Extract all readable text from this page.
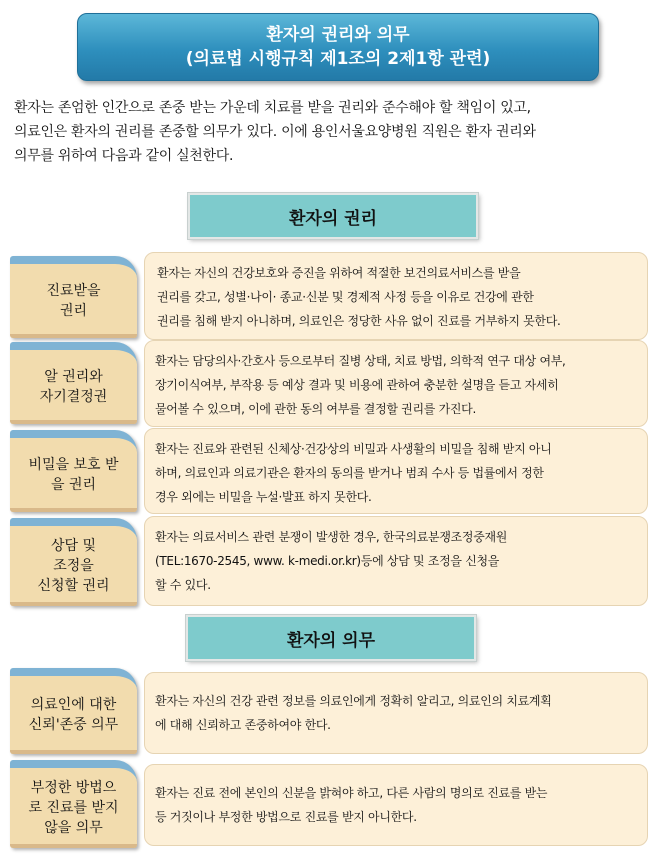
환자의 권리와 의무
(의료법 시행규칙 제1조의 2제1항 관련)
환자는 존엄한 인간으로 존중 받는 가운데 치료를 받을 권리와 준수해야 할 책임이 있고,
의료인은 환자의 권리를 존중할 의무가 있다. 이에 용인서울요양병원 직원은 환자 권리와
의무를 위하여 다음과 같이 실천한다.
환자의 권리
진료받을
권리
환자는 자신의 건강보호와 증진을 위하여 적절한 보건의료서비스를 받을
권리를 갖고, 성별·나이· 종교·신분 및 경제적 사정 등을 이유로 건강에 관한
권리를 침해 받지 아니하며, 의료인은 정당한 사유 없이 진료를 거부하지 못한다.
알 권리와
자기결정권
환자는 담당의사·간호사 등으로부터 질병 상태, 치료 방법, 의학적 연구 대상 여부,
장기이식여부, 부작용 등 예상 결과 및 비용에 관하여 충분한 설명을 듣고 자세히
물어볼 수 있으며, 이에 관한 동의 여부를 결정할 권리를 가진다.
비밀을 보호 받
을 권리
환자는 진료와 관련된 신체상·건강상의 비밀과 사생활의 비밀을 침해 받지 아니
하며, 의료인과 의료기관은 환자의 동의를 받거나 범죄 수사 등 법률에서 정한
경우 외에는 비밀을 누설·발표 하지 못한다.
상담 및
조정을
신청할 권리
환자는 의료서비스 관련 분쟁이 발생한 경우, 한국의료분쟁조정중재원
(TEL:1670-2545, www. k-medi.or.kr)등에 상담 및 조정을 신청을
할 수 있다.
환자의 의무
의료인에 대한
신뢰'존중 의무
환자는 자신의 건강 관련 정보를 의료인에게 정확히 알리고, 의료인의 치료계획
에 대해 신뢰하고 존중하여야 한다.
부정한 방법으
로 진료를 받지
않을 의무
환자는 진료 전에 본인의 신분을 밝혀야 하고, 다른 사람의 명의로 진료를 받는
등 거짓이나 부정한 방법으로 진료를 받지 아니한다.
